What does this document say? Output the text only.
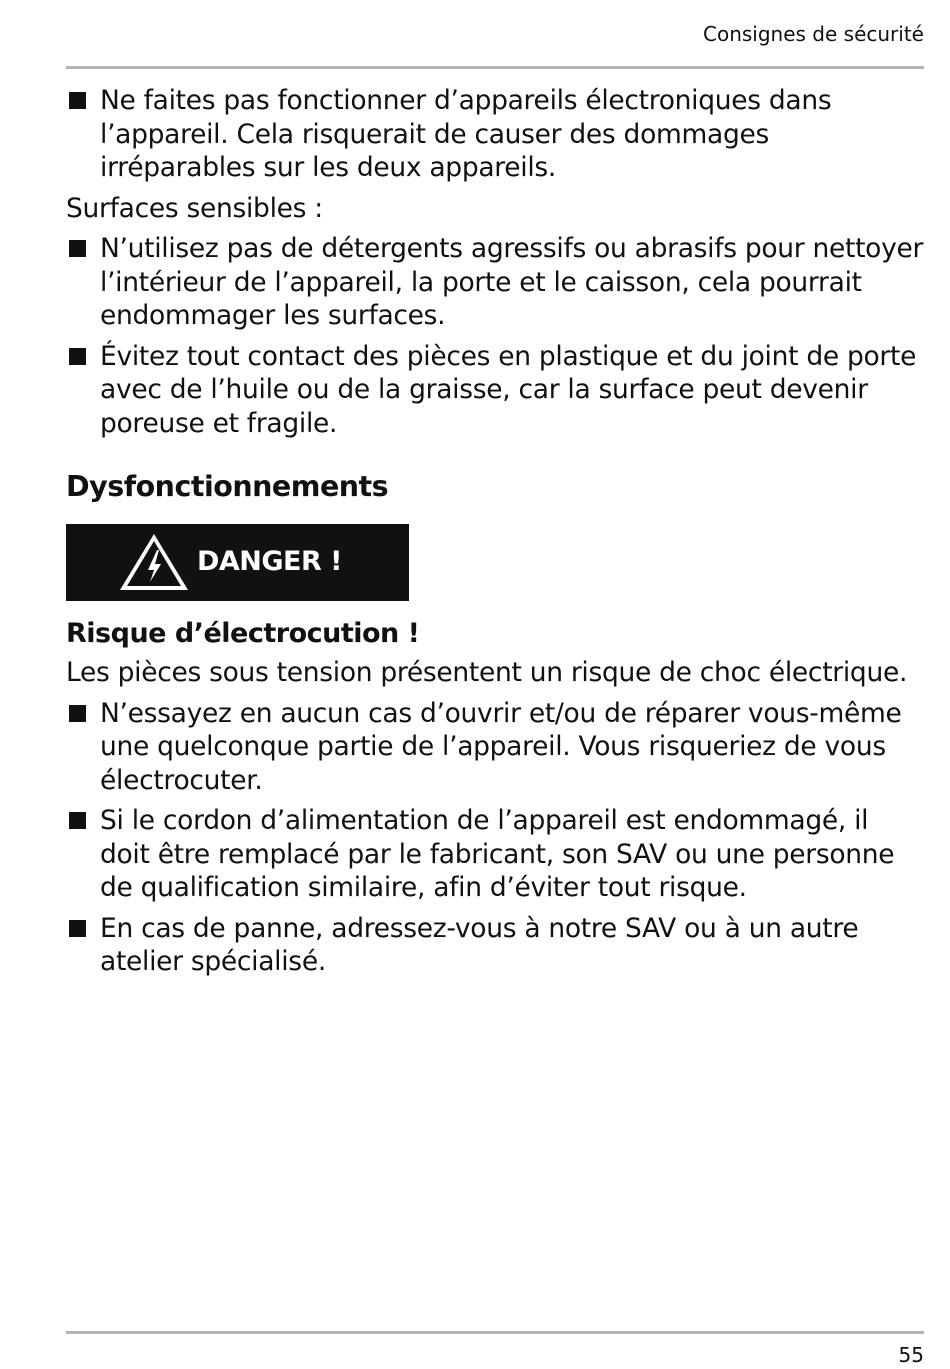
Consignes de sécurité
Ne faites pas fonctionner d’appareils électroniques dans l’appareil. Cela risquerait de causer des dommages irréparables sur les deux appareils.

Surfaces sensibles :

N’utilisez pas de détergents agressifs ou abrasifs pour nettoyer l’intérieur de l’appareil, la porte et le caisson, cela pourrait endommager les surfaces.
Évitez tout contact des pièces en plastique et du joint de porte avec de l’huile ou de la graisse, car la surface peut devenir poreuse et fragile.
Dysfonctionnements
DANGER !

Risque d’électrocution !

Les pièces sous tension présentent un risque de choc électrique.

N’essayez en aucun cas d’ouvrir et/ou de réparer vous-même une quelconque partie de l’appareil. Vous risqueriez de vous électrocuter.
Si le cordon d’alimentation de l’appareil est endommagé, il doit être remplacé par le fabricant, son SAV ou une personne de qualification similaire, afin d’éviter tout risque.
En cas de panne, adressez-vous à notre SAV ou à un autre atelier spécialisé.
55
